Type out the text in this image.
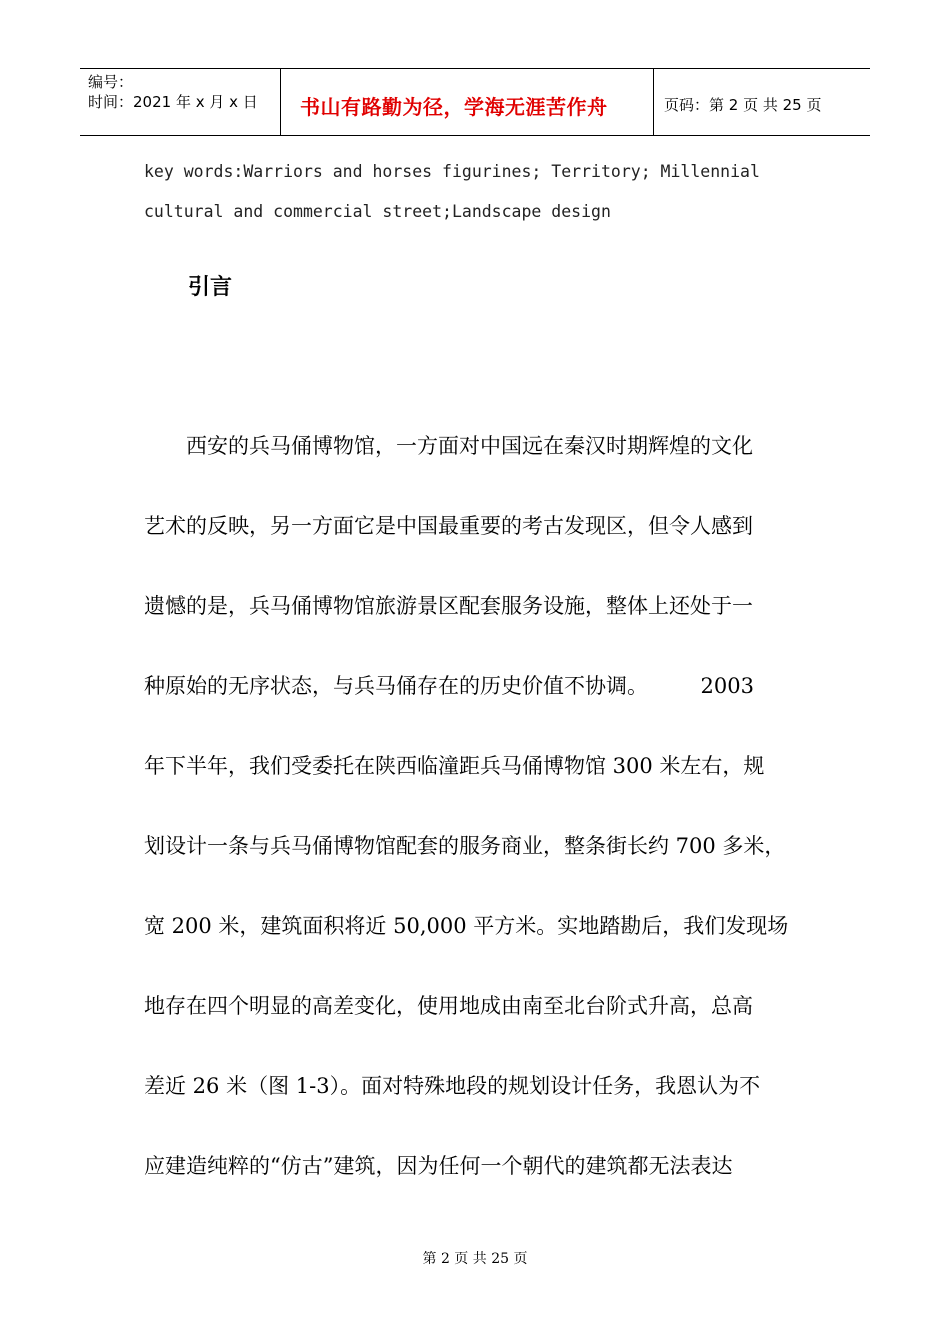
编号：
时间：2021 年 x 月 x 日 书山有路勤为径，学海无涯苦作舟	页码：第 2 页 共 25 页
key words:Warriors and horses figurines; Territory; Millennial
cultural and commercial street;Landscape design
引言
　　西安的兵马俑博物馆，一方面对中国远在秦汉时期辉煌的文化
艺术的反映，另一方面它是中国最重要的考古发现区，但令人感到
遗憾的是，兵马俑博物馆旅游景区配套服务设施，整体上还处于一
种原始的无序状态，与兵马俑存在的历史价值不协调。　　　2003
年下半年，我们受委托在陕西临潼距兵马俑博物馆 300 米左右，规
划设计一条与兵马俑博物馆配套的服务商业，整条街长约 700 多米，
宽 200 米，建筑面积将近 50,000 平方米。实地踏勘后，我们发现场
地存在四个明显的高差变化，使用地成由南至北台阶式升高，总高
差近 26 米（图 1-3）。面对特殊地段的规划设计任务，我恩认为不
应建造纯粹的“仿古”建筑，因为任何一个朝代的建筑都无法表达
第 2 页 共 25 页
